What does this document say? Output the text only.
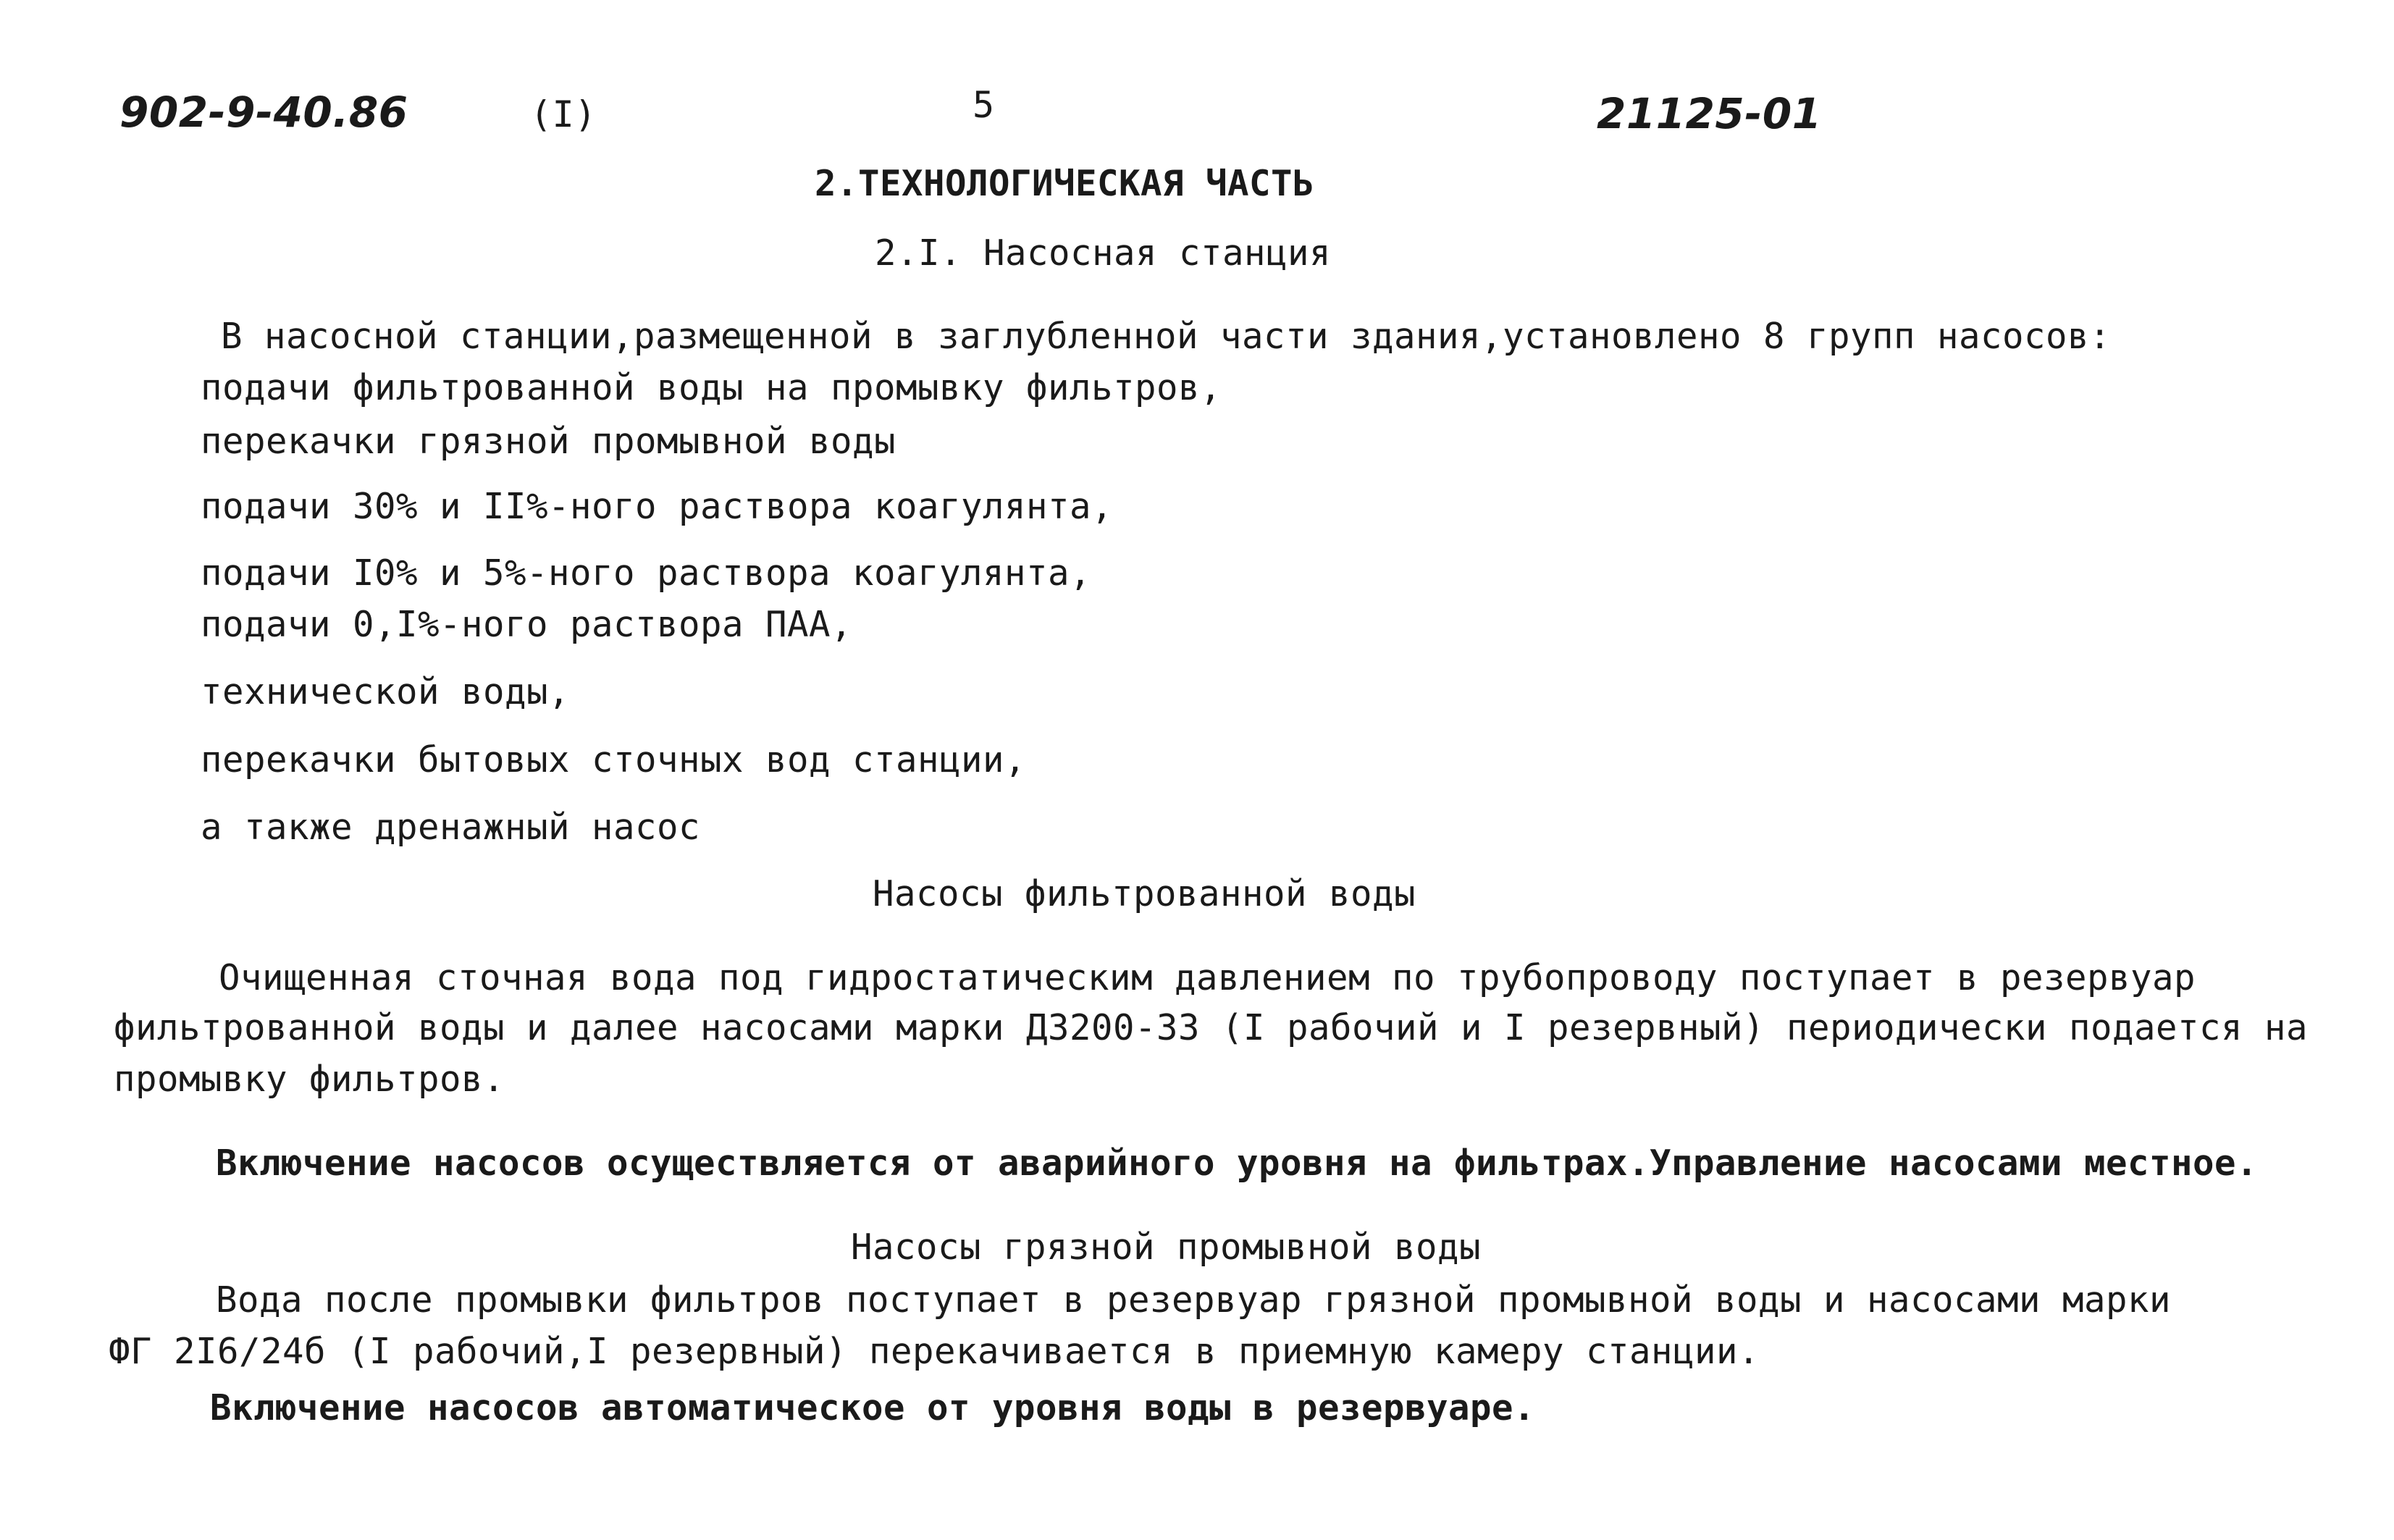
902-9-40.86	(I)	5	21125-01
2.ТЕХНОЛОГИЧЕСКАЯ ЧАСТЬ
2.I. Насосная станция
В насосной станции,размещенной в заглубленной части здания,установлено 8 групп насосов:
подачи фильтрованной воды на промывку фильтров,
перекачки грязной промывной воды
подачи 30% и II%-ного раствора коагулянта,
подачи I0% и 5%-ного раствора коагулянта,
подачи 0,I%-ного раствора ПАА,
технической воды,
перекачки бытовых сточных вод станции,
а также дренажный насос
Насосы фильтрованной воды
Очищенная сточная вода под гидростатическим давлением по трубопроводу поступает в резервуар
фильтрованной воды и далее насосами марки Д3200-33 (I рабочий и I резервный) периодически подается на
промывку фильтров.
Включение насосов осуществляется от аварийного уровня на фильтрах.Управление насосами местное.
Насосы грязной промывной воды
Вода после промывки фильтров поступает в резервуар грязной промывной воды и насосами марки
ФГ 2I6/24б (I рабочий,I резервный) перекачивается в приемную камеру станции.
Включение насосов автоматическое от уровня воды в резервуаре.
